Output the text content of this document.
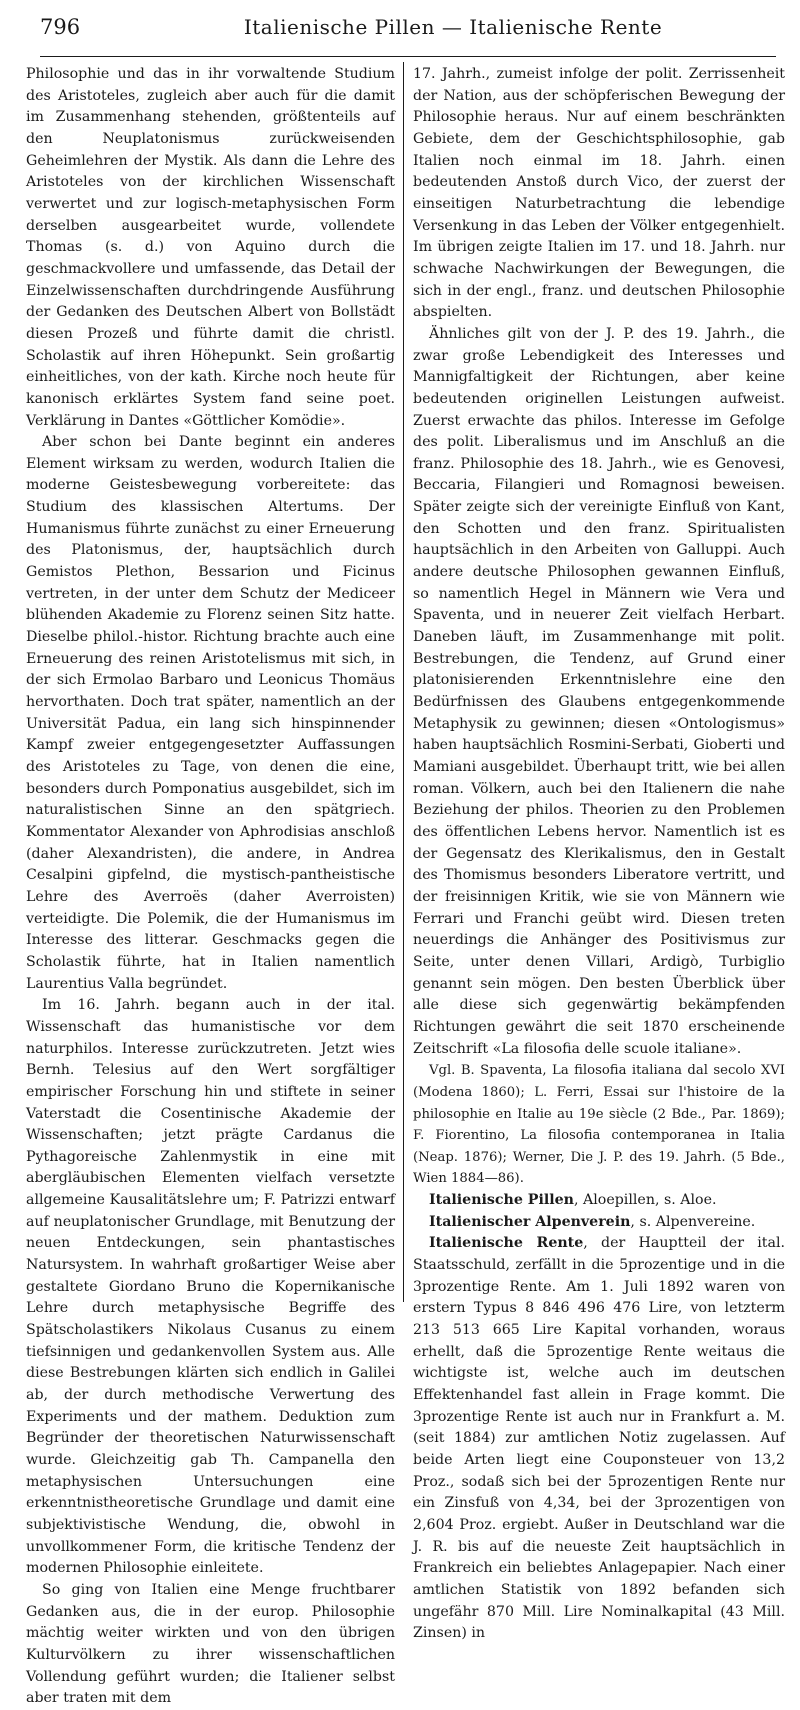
796	Italienische Pillen — Italienische Rente

Philosophie und das in ihr vorwaltende Studium des Aristoteles, zugleich aber auch für die damit im Zusammenhang stehenden, größtenteils auf den Neuplatonismus zurückweisenden Geheimlehren der Mystik. Als dann die Lehre des Aristoteles von der kirchlichen Wissenschaft verwertet und zur logisch-metaphysischen Form derselben ausgearbeitet wurde, vollendete Thomas (s. d.) von Aquino durch die geschmackvollere und umfassende, das Detail der Einzelwissenschaften durchdringende Ausführung der Gedanken des Deutschen Albert von Bollstädt diesen Prozeß und führte damit die christl. Scholastik auf ihren Höhepunkt. Sein großartig einheitliches, von der kath. Kirche noch heute für kanonisch erklärtes System fand seine poet. Verklärung in Dantes «Göttlicher Komödie».

Aber schon bei Dante beginnt ein anderes Element wirksam zu werden, wodurch Italien die moderne Geistesbewegung vorbereitete: das Studium des klassischen Altertums. Der Humanismus führte zunächst zu einer Erneuerung des Platonismus, der, hauptsächlich durch Gemistos Plethon, Bessarion und Ficinus vertreten, in der unter dem Schutz der Mediceer blühenden Akademie zu Florenz seinen Sitz hatte. Dieselbe philol.-histor. Richtung brachte auch eine Erneuerung des reinen Aristotelismus mit sich, in der sich Ermolao Barbaro und Leonicus Thomäus hervorthaten. Doch trat später, namentlich an der Universität Padua, ein lang sich hinspinnender Kampf zweier entgegengesetzter Auffassungen des Aristoteles zu Tage, von denen die eine, besonders durch Pomponatius ausgebildet, sich im naturalistischen Sinne an den spätgriech. Kommentator Alexander von Aphrodisias anschloß (daher Alexandristen), die andere, in Andrea Cesalpini gipfelnd, die mystisch-pantheistische Lehre des Averroës (daher Averroisten) verteidigte. Die Polemik, die der Humanismus im Interesse des litterar. Geschmacks gegen die Scholastik führte, hat in Italien namentlich Laurentius Valla begründet.

Im 16. Jahrh. begann auch in der ital. Wissenschaft das humanistische vor dem naturphilos. Interesse zurückzutreten. Jetzt wies Bernh. Telesius auf den Wert sorgfältiger empirischer Forschung hin und stiftete in seiner Vaterstadt die Cosentinische Akademie der Wissenschaften; jetzt prägte Cardanus die Pythagoreische Zahlenmystik in eine mit abergläubischen Elementen vielfach versetzte allgemeine Kausalitätslehre um; F. Patrizzi entwarf auf neuplatonischer Grundlage, mit Benutzung der neuen Entdeckungen, sein phantastisches Natursystem. In wahrhaft großartiger Weise aber gestaltete Giordano Bruno die Kopernikanische Lehre durch metaphysische Begriffe des Spätscholastikers Nikolaus Cusanus zu einem tiefsinnigen und gedankenvollen System aus. Alle diese Bestrebungen klärten sich endlich in Galilei ab, der durch methodische Verwertung des Experiments und der mathem. Deduktion zum Begründer der theoretischen Naturwissenschaft wurde. Gleichzeitig gab Th. Campanella den metaphysischen Untersuchungen eine erkenntnistheoretische Grundlage und damit eine subjektivistische Wendung, die, obwohl in unvollkommener Form, die kritische Tendenz der modernen Philosophie einleitete.

So ging von Italien eine Menge fruchtbarer Gedanken aus, die in der europ. Philosophie mächtig weiter wirkten und von den übrigen Kulturvölkern zu ihrer wissenschaftlichen Vollendung geführt wurden; die Italiener selbst aber traten mit dem

17. Jahrh., zumeist infolge der polit. Zerrissenheit der Nation, aus der schöpferischen Bewegung der Philosophie heraus. Nur auf einem beschränkten Gebiete, dem der Geschichtsphilosophie, gab Italien noch einmal im 18. Jahrh. einen bedeutenden Anstoß durch Vico, der zuerst der einseitigen Naturbetrachtung die lebendige Versenkung in das Leben der Völker entgegenhielt. Im übrigen zeigte Italien im 17. und 18. Jahrh. nur schwache Nachwirkungen der Bewegungen, die sich in der engl., franz. und deutschen Philosophie abspielten.

Ähnliches gilt von der J. P. des 19. Jahrh., die zwar große Lebendigkeit des Interesses und Mannigfaltigkeit der Richtungen, aber keine bedeutenden originellen Leistungen aufweist. Zuerst erwachte das philos. Interesse im Gefolge des polit. Liberalismus und im Anschluß an die franz. Philosophie des 18. Jahrh., wie es Genovesi, Beccaria, Filangieri und Romagnosi beweisen. Später zeigte sich der vereinigte Einfluß von Kant, den Schotten und den franz. Spiritualisten hauptsächlich in den Arbeiten von Galluppi. Auch andere deutsche Philosophen gewannen Einfluß, so namentlich Hegel in Männern wie Vera und Spaventa, und in neuerer Zeit vielfach Herbart. Daneben läuft, im Zusammenhange mit polit. Bestrebungen, die Tendenz, auf Grund einer platonisierenden Erkenntnislehre eine den Bedürfnissen des Glaubens entgegenkommende Metaphysik zu gewinnen; diesen «Ontologismus» haben hauptsächlich Rosmini-Serbati, Gioberti und Mamiani ausgebildet. Überhaupt tritt, wie bei allen roman. Völkern, auch bei den Italienern die nahe Beziehung der philos. Theorien zu den Problemen des öffentlichen Lebens hervor. Namentlich ist es der Gegensatz des Klerikalismus, den in Gestalt des Thomismus besonders Liberatore vertritt, und der freisinnigen Kritik, wie sie von Männern wie Ferrari und Franchi geübt wird. Diesen treten neuerdings die Anhänger des Positivismus zur Seite, unter denen Villari, Ardigò, Turbiglio genannt sein mögen. Den besten Überblick über alle diese sich gegenwärtig bekämpfenden Richtungen gewährt die seit 1870 erscheinende Zeitschrift «La filosofia delle scuole italiane».

Vgl. B. Spaventa, La filosofia italiana dal secolo XVI (Modena 1860); L. Ferri, Essai sur l'histoire de la philosophie en Italie au 19e siècle (2 Bde., Par. 1869); F. Fiorentino, La filosofia contemporanea in Italia (Neap. 1876); Werner, Die J. P. des 19. Jahrh. (5 Bde., Wien 1884—86).

Italienische Pillen, Aloepillen, s. Aloe.

Italienischer Alpenverein, s. Alpenvereine.

Italienische Rente, der Hauptteil der ital. Staatsschuld, zerfällt in die 5prozentige und in die 3prozentige Rente. Am 1. Juli 1892 waren von erstern Typus 8 846 496 476 Lire, von letzterm 213 513 665 Lire Kapital vorhanden, woraus erhellt, daß die 5prozentige Rente weitaus die wichtigste ist, welche auch im deutschen Effektenhandel fast allein in Frage kommt. Die 3prozentige Rente ist auch nur in Frankfurt a. M. (seit 1884) zur amtlichen Notiz zugelassen. Auf beide Arten liegt eine Couponsteuer von 13,2 Proz., sodaß sich bei der 5prozentigen Rente nur ein Zinsfuß von 4,34, bei der 3prozentigen von 2,604 Proz. ergiebt. Außer in Deutschland war die J. R. bis auf die neueste Zeit hauptsächlich in Frankreich ein beliebtes Anlagepapier. Nach einer amtlichen Statistik von 1892 befanden sich ungefähr 870 Mill. Lire Nominalkapital (43 Mill. Zinsen) in
